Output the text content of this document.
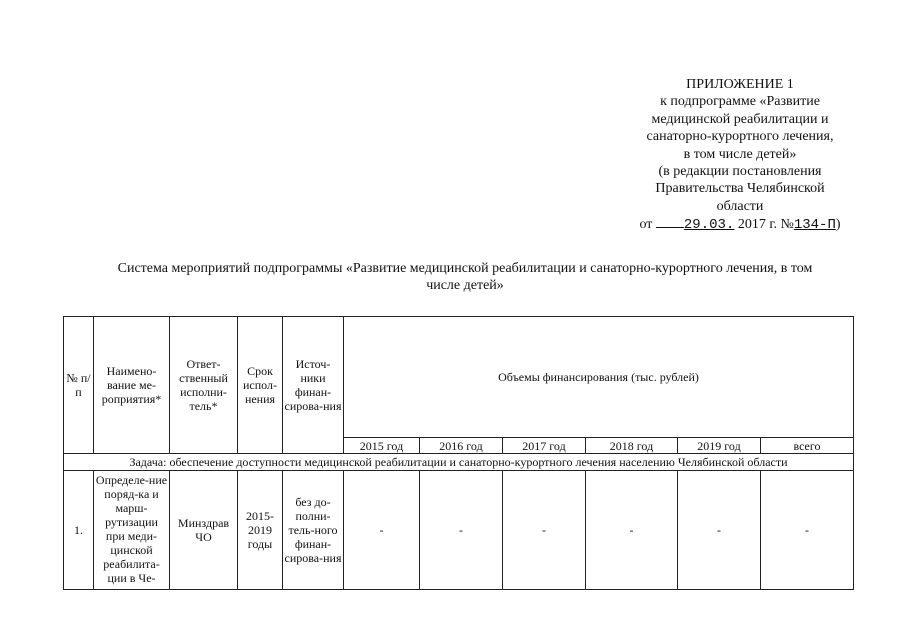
ПРИЛОЖЕНИЕ 1
к подпрограмме «Развитие
медицинской реабилитации и
санаторно-курортного лечения,
в том числе детей»
(в редакции постановления
Правительства Челябинской
области
от 29.03. 2017 г. №134-П)
Система мероприятий подпрограммы «Развитие медицинской реабилитации и санаторно-курортного лечения, в том
числе детей»
№ п/п	Наимено-вание ме-роприятия*	Ответ-ственный исполни-тель*	Срок испол-нения	Источ-ники финан-сирова-ния	Объемы финансирования (тыс. рублей)					
					2015 год	2016 год	2017 год	2018 год	2019 год	всего
Задача: обеспечение доступности медицинской реабилитации и санаторно-курортного лечения населению Челябинской области										
1.	Определе-ние поряд-ка и марш-рутизации при меди-цинской реабилита-ции в Че-	Минздрав ЧО	2015-2019 годы	без до-полни-тель-ного финан-сирова-ния	-	-	-	-	-	-
